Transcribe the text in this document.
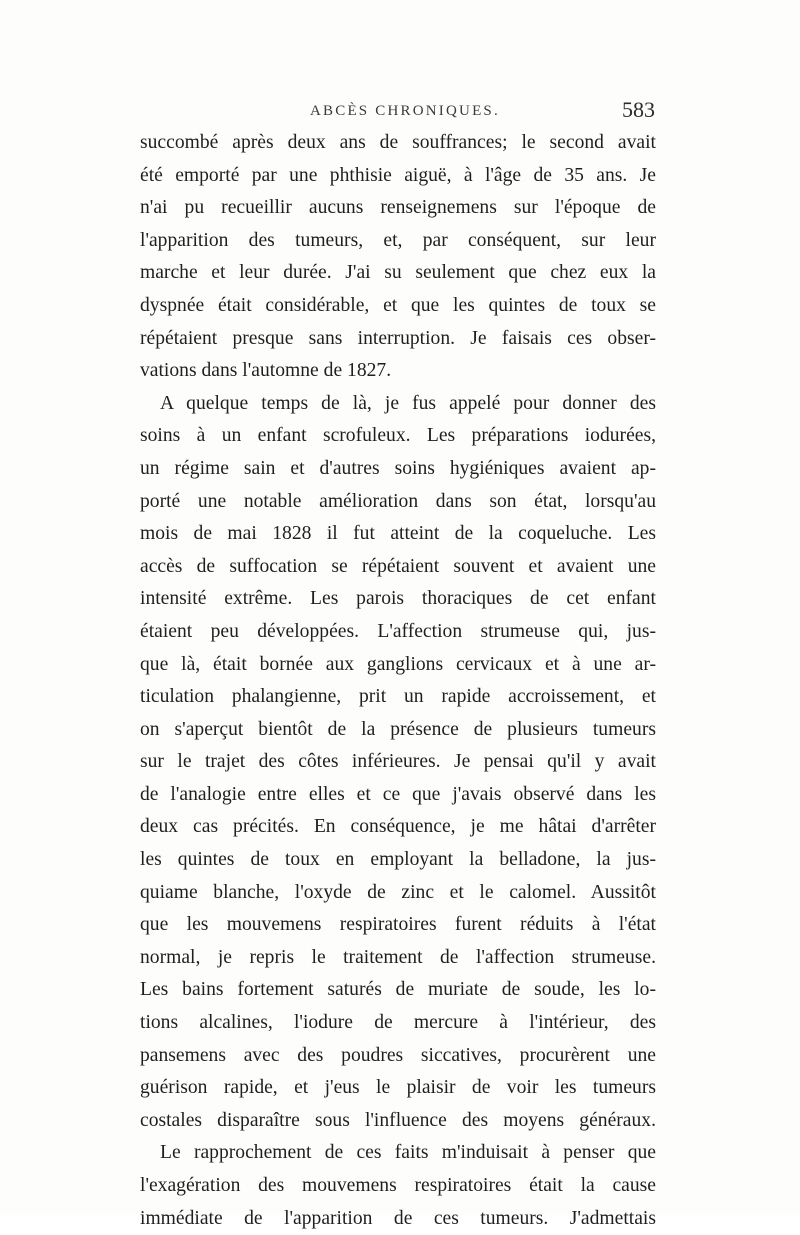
ABCÈS CHRONIQUES.	583
succombé après deux ans de souffrances; le second avait
été emporté par une phthisie aiguë, à l'âge de 35 ans. Je
n'ai pu recueillir aucuns renseignemens sur l'époque de
l'apparition des tumeurs, et, par conséquent, sur leur
marche et leur durée. J'ai su seulement que chez eux la
dyspnée était considérable, et que les quintes de toux se
répétaient presque sans interruption. Je faisais ces obser-
vations dans l'automne de 1827.
A quelque temps de là, je fus appelé pour donner des
soins à un enfant scrofuleux. Les préparations iodurées,
un régime sain et d'autres soins hygiéniques avaient ap-
porté une notable amélioration dans son état, lorsqu'au
mois de mai 1828 il fut atteint de la coqueluche. Les
accès de suffocation se répétaient souvent et avaient une
intensité extrême. Les parois thoraciques de cet enfant
étaient peu développées. L'affection strumeuse qui, jus-
que là, était bornée aux ganglions cervicaux et à une ar-
ticulation phalangienne, prit un rapide accroissement, et
on s'aperçut bientôt de la présence de plusieurs tumeurs
sur le trajet des côtes inférieures. Je pensai qu'il y avait
de l'analogie entre elles et ce que j'avais observé dans les
deux cas précités. En conséquence, je me hâtai d'arrêter
les quintes de toux en employant la belladone, la jus-
quiame blanche, l'oxyde de zinc et le calomel. Aussitôt
que les mouvemens respiratoires furent réduits à l'état
normal, je repris le traitement de l'affection strumeuse.
Les bains fortement saturés de muriate de soude, les lo-
tions alcalines, l'iodure de mercure à l'intérieur, des
pansemens avec des poudres siccatives, procurèrent une
guérison rapide, et j'eus le plaisir de voir les tumeurs
costales disparaître sous l'influence des moyens généraux.
Le rapprochement de ces faits m'induisait à penser que
l'exagération des mouvemens respiratoires était la cause
immédiate de l'apparition de ces tumeurs. J'admettais
